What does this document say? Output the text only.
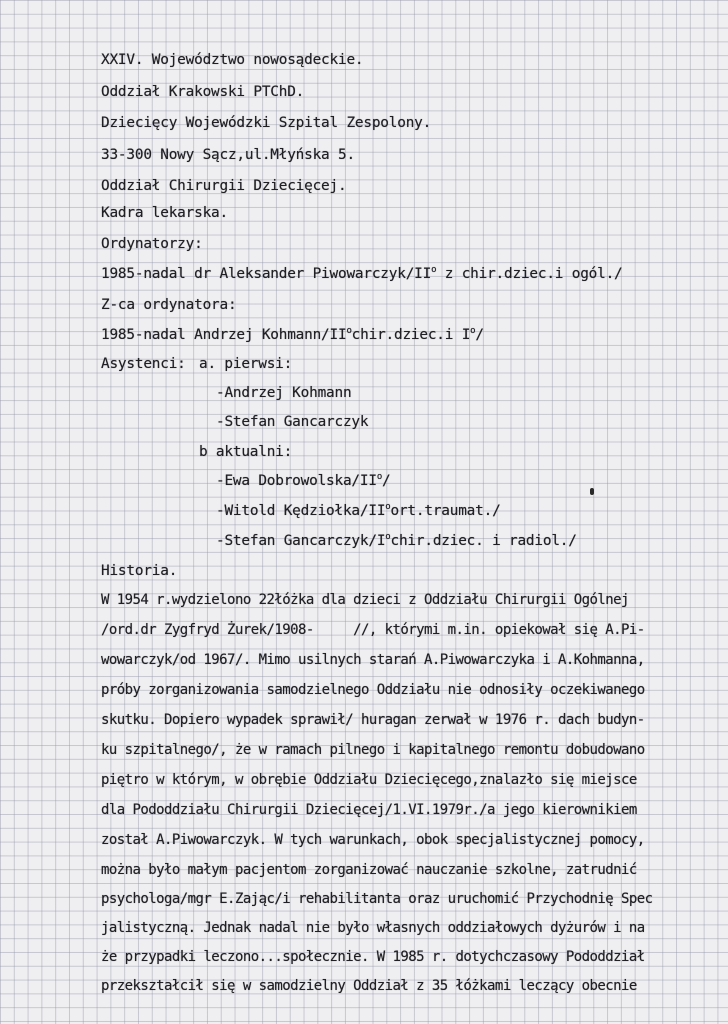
XXIV. Województwo nowosądeckie.
Oddział Krakowski PTChD.
Dziecięcy Wojewódzki Szpital Zespolony.
33-300 Nowy Sącz,ul.Młyńska 5.
Oddział Chirurgii Dziecięcej.
Kadra lekarska.
Ordynatorzy:
1985-nadal dr Aleksander Piwowarczyk/$II^o$ z chir.dziec.i ogól./
Z-ca ordynatora:
1985-nadal Andrzej Kohmann/$II^ochir.dziec.i$ $I^o/$
Asystenci: a. pierwsi:
-Andrzej Kohmann
-Stefan Gancarczyk
b aktualni:
-Ewa Dobrowolska/$II^o/$
-Witold Kędziołka/$II^oort.traumat./$
-Stefan Gancarczyk/$I^ochir.dziec$. i radiol./
Historia.
W 1954 r.wydzielono 22łóżka dla dzieci z Oddziału Chirurgii Ogólnej
/ord.dr Zygfryd Żurek/1908-     //, którymi m.in. opiekował się A.Pi-
wowarczyk/od 1967/. Mimo usilnych starań A.Piwowarczyka i A.Kohmanna,
próby zorganizowania samodzielnego Oddziału nie odnosiły oczekiwanego
skutku. Dopiero wypadek sprawił/ huragan zerwał w 1976 r. dach budyn-
ku szpitalnego/, że w ramach pilnego i kapitalnego remontu dobudowano
piętro w którym, w obrębie Oddziału Dziecięcego,znalazło się miejsce
dla Pododdziału Chirurgii Dziecięcej/1.VI.1979r./a jego kierownikiem
został A.Piwowarczyk. W tych warunkach, obok specjalistycznej pomocy,
można było małym pacjentom zorganizować nauczanie szkolne, zatrudnić
psychologa/mgr E.Zając/i rehabilitanta oraz uruchomić Przychodnię Spec
jalistyczną. Jednak nadal nie było własnych oddziałowych dyżurów i na
że przypadki leczono...społecznie. W 1985 r. dotychczasowy Pododdział
przekształcił się w samodzielny Oddział z 35 łóżkami leczący obecnie
